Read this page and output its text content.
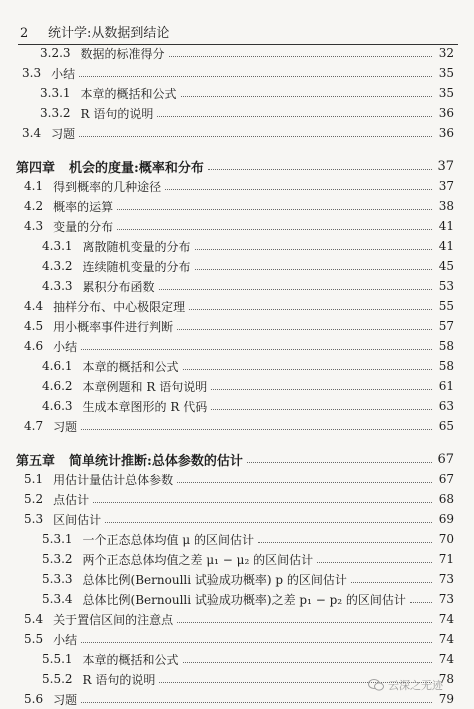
2	统计学:从数据到结论
3.2.3 数据的标准得分	32
3.3 小结	35
3.3.1 本章的概括和公式	35
3.3.2 R 语句的说明	36
3.4 习题	36
第四章 机会的度量:概率和分布	37
4.1 得到概率的几种途径	37
4.2 概率的运算	38
4.3 变量的分布	41
4.3.1 离散随机变量的分布	41
4.3.2 连续随机变量的分布	45
4.3.3 累积分布函数	53
4.4 抽样分布、中心极限定理	55
4.5 用小概率事件进行判断	57
4.6 小结	58
4.6.1 本章的概括和公式	58
4.6.2 本章例题和 R 语句说明	61
4.6.3 生成本章图形的 R 代码	63
4.7 习题	65
第五章 简单统计推断:总体参数的估计	67
5.1 用估计量估计总体参数	67
5.2 点估计	68
5.3 区间估计	69
5.3.1 一个正态总体均值 μ 的区间估计	70
5.3.2 两个正态总体均值之差 μ₁ − μ₂ 的区间估计	71
5.3.3 总体比例(Bernoulli 试验成功概率) p 的区间估计	73
5.3.4 总体比例(Bernoulli 试验成功概率)之差 p₁ − p₂ 的区间估计	73
5.4 关于置信区间的注意点	74
5.5 小结	74
5.5.1 本章的概括和公式	74
5.5.2 R 语句的说明	78
5.6 习题	79
云深之无迹
